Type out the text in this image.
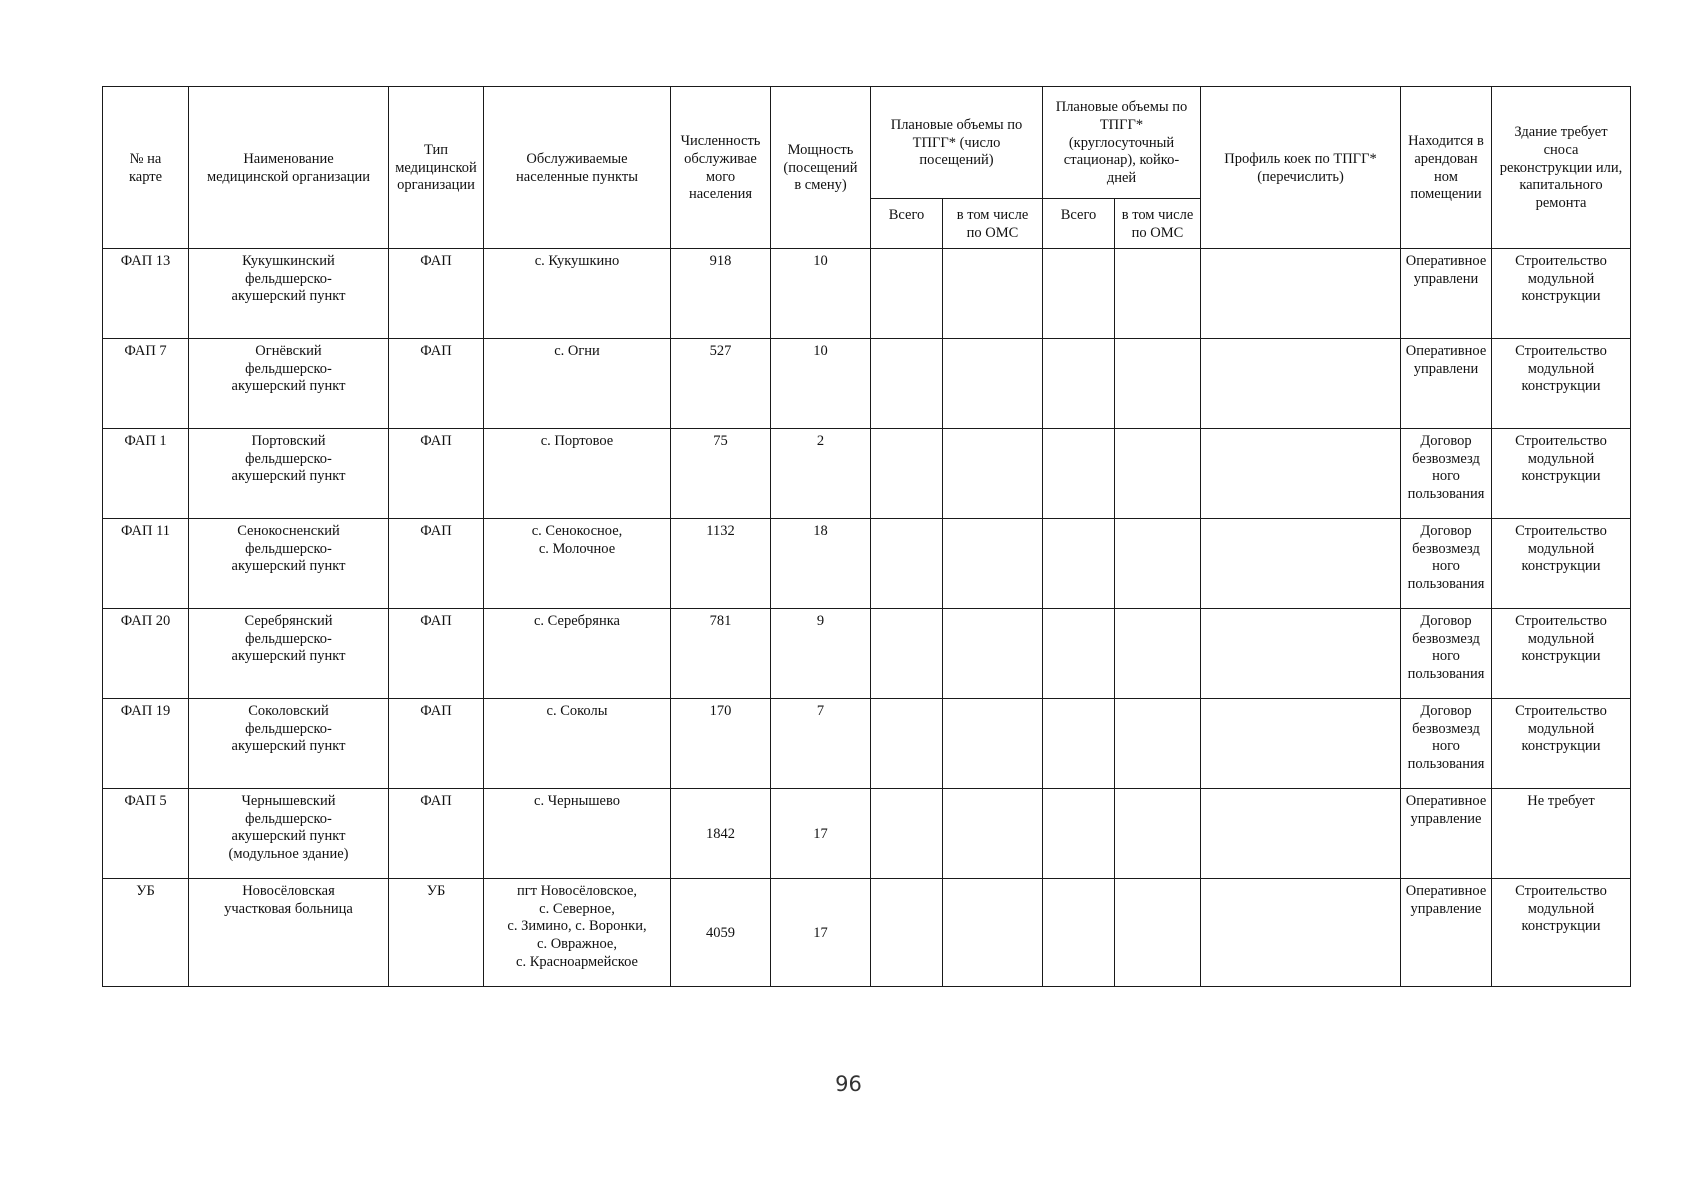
№ на
карте	Наименование
медицинской организации	Тип
медицинской
организации	Обслуживаемые
населенные пункты	Численность
обслуживае
мого
населения	Мощность
(посещений
в смену)	Плановые объемы по
ТПГГ* (число
посещений)		Плановые объемы по
ТПГГ*
(круглосуточный
стационар), койко-
дней		Профиль коек по ТПГГ*
(перечислить)	Находится в
арендован
ном
помещении	Здание требует
сноса
реконструкции или,
капитального
ремонта

						Всего	в том числе
по ОМС	Всего	в том числе
по ОМС			

ФАП 13	Кукушкинский
фельдшерско-
акушерский пункт	ФАП	с. Кукушкино	918	10						Оперативное
управлени	Строительство
модульной
конструкции

ФАП 7	Огнёвский
фельдшерско-
акушерский пункт	ФАП	с. Огни	527	10						Оперативное
управлени	Строительство
модульной
конструкции

ФАП 1	Портовский
фельдшерско-
акушерский пункт	ФАП	с. Портовое	75	2						Договор
безвозмезд
ного
пользования	Строительство
модульной
конструкции

ФАП 11	Сенокосненский
фельдшерско-
акушерский пункт	ФАП	с. Сенокосное,
с. Молочное	1132	18						Договор
безвозмезд
ного
пользования	Строительство
модульной
конструкции

ФАП 20	Серебрянский
фельдшерско-
акушерский пункт	ФАП	с. Серебрянка	781	9						Договор
безвозмезд
ного
пользования	Строительство
модульной
конструкции

ФАП 19	Соколовский
фельдшерско-
акушерский пункт	ФАП	с. Соколы	170	7						Договор
безвозмезд
ного
пользования	Строительство
модульной
конструкции

ФАП 5	Чернышевский
фельдшерско-
акушерский пункт
(модульное здание)	ФАП	с. Чернышево	1842	17						Оперативное
управление	Не требует

УБ	Новосёловская
участковая больница	УБ	пгт Новосёловское,
с. Северное,
с. Зимино, с. Воронки,
с. Овражное,
с. Красноармейское	4059	17						Оперативное
управление	Строительство
модульной
конструкции
96
